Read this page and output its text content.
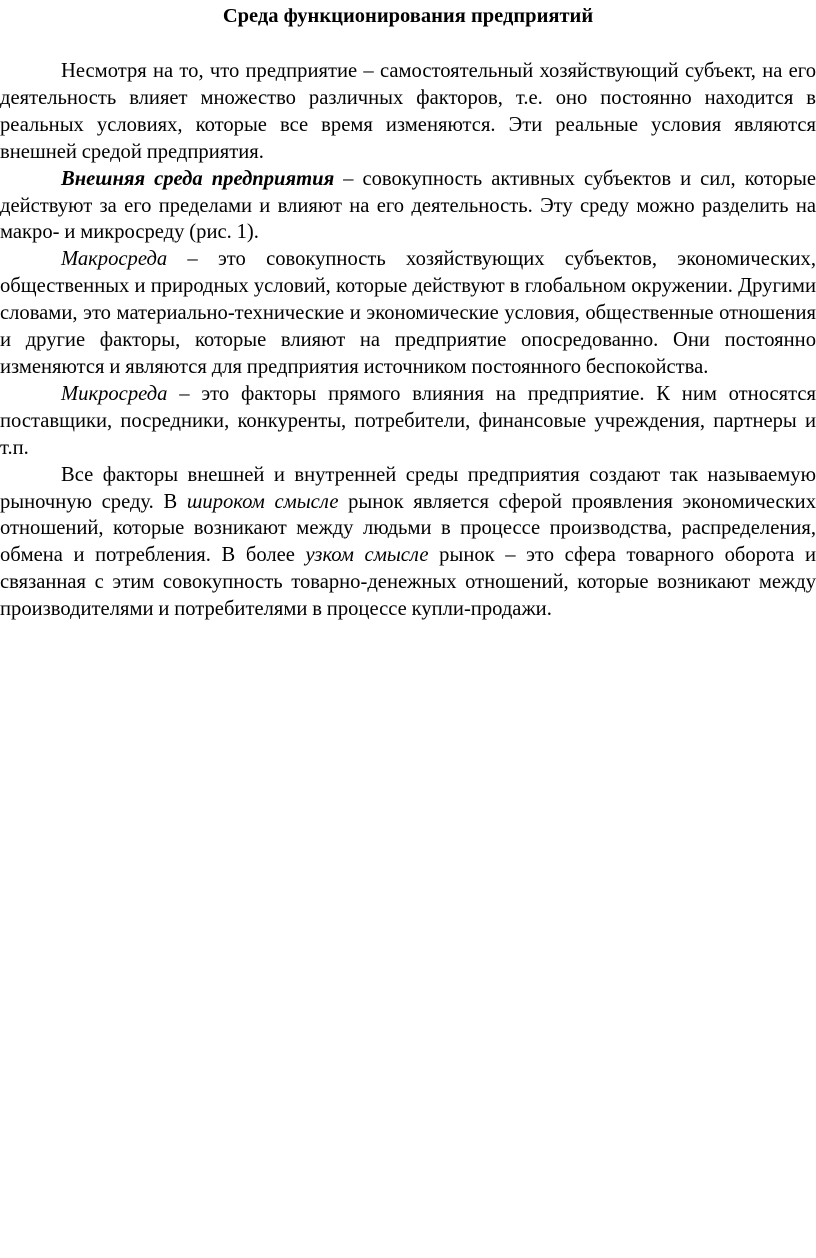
Среда функционирования предприятий

Несмотря на то, что предприятие – самостоятельный хозяйствующий субъект, на его деятельность влияет множество различных факторов, т.е. оно постоянно находится в реальных условиях, которые все время изменяются. Эти реальные условия являются внешней средой предприятия.

Внешняя среда предприятия – совокупность активных субъектов и сил, которые действуют за его пределами и влияют на его деятельность. Эту среду можно разделить на макро- и микросреду (рис. 1).

Макросреда – это совокупность хозяйствующих субъектов, экономических, общественных и природных условий, которые действуют в глобальном окружении. Другими словами, это материально-технические и экономические условия, общественные отношения и другие факторы, которые влияют на предприятие опосредованно. Они постоянно изменяются и являются для предприятия источником постоянного беспокойства.

Микросреда – это факторы прямого влияния на предприятие. К ним относятся поставщики, посредники, конкуренты, потребители, финансовые учреждения, партнеры и т.п.

Все факторы внешней и внутренней среды предприятия создают так называемую рыночную среду. В широком смысле рынок является сферой проявления экономических отношений, которые возникают между людьми в процессе производства, распределения, обмена и потребления. В более узком смысле рынок – это сфера товарного оборота и связанная с этим совокупность товарно-денежных отношений, которые возникают между производителями и потребителями в процессе купли-продажи.
